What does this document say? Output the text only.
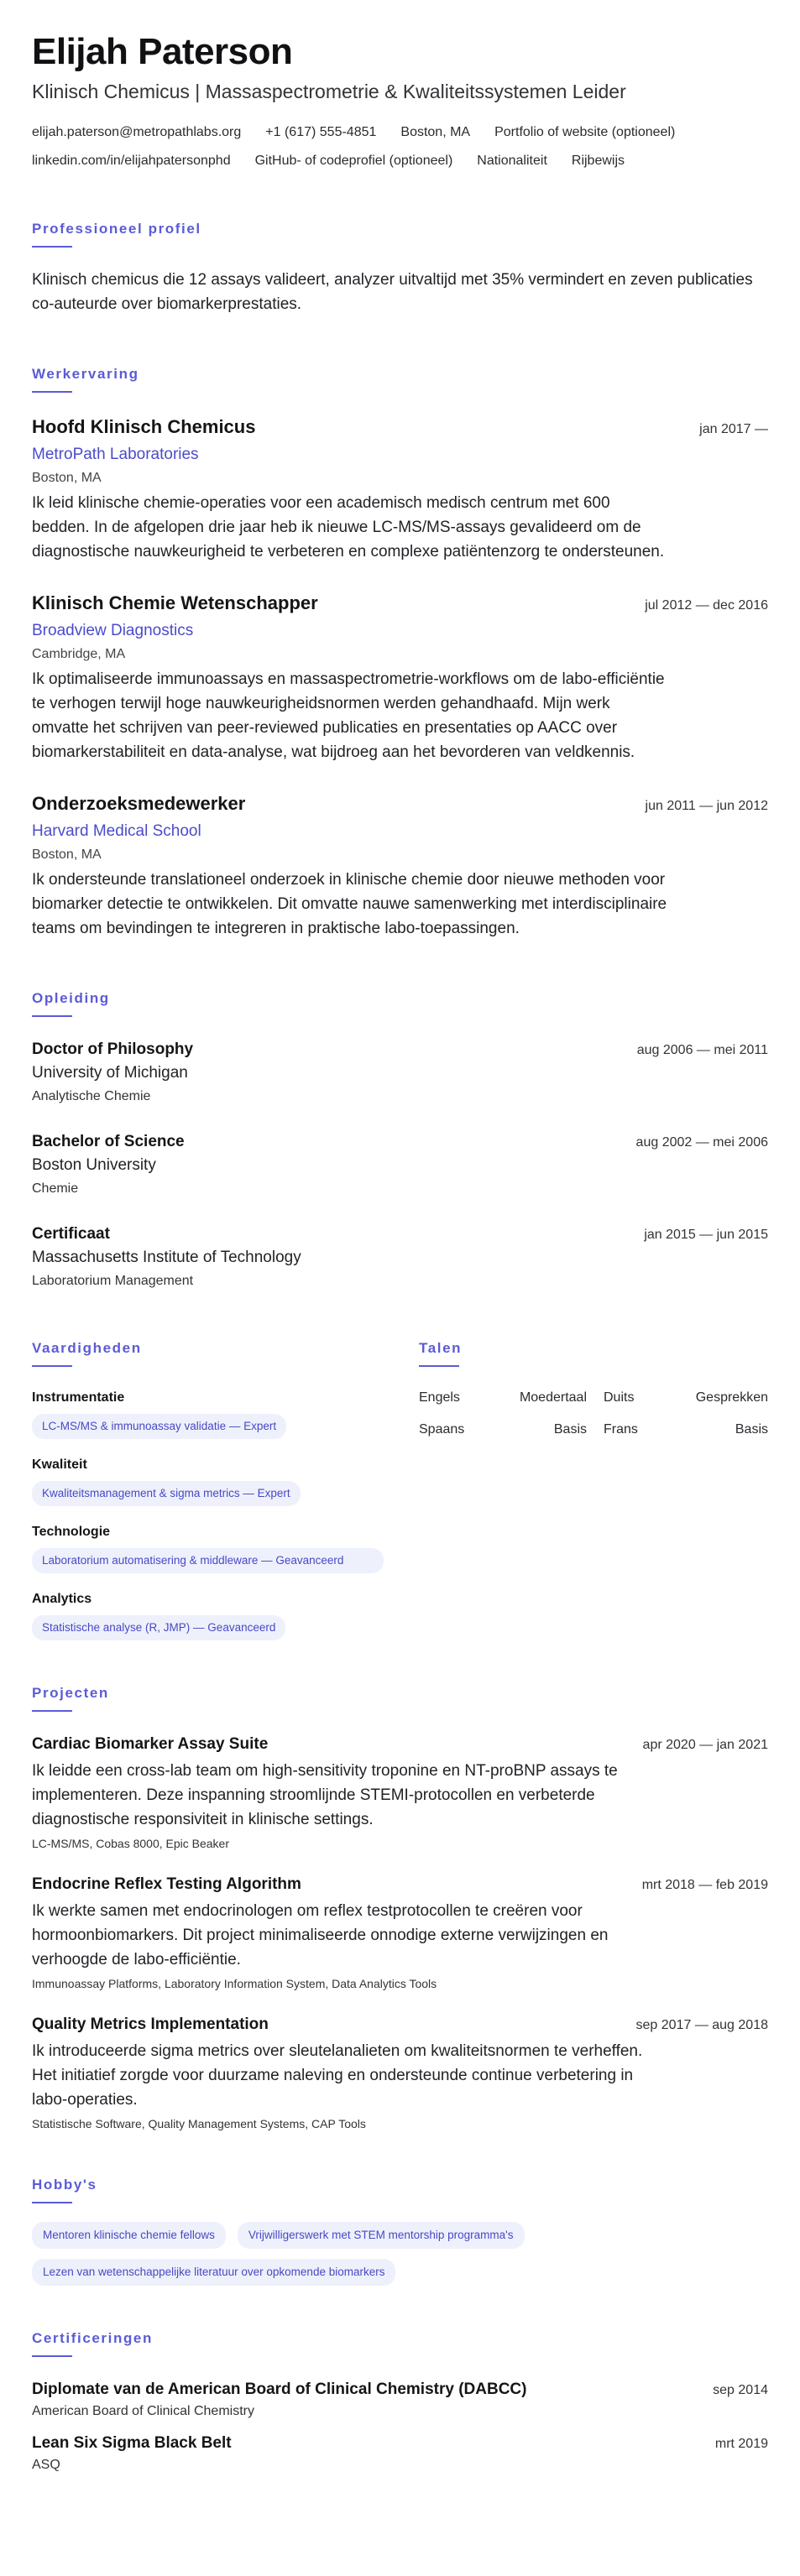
Elijah Paterson
Klinisch Chemicus | Massaspectrometrie & Kwaliteitssystemen Leider
elijah.paterson@metropathlabs.org +1 (617) 555-4851 Boston, MA Portfolio of website (optioneel)
linkedin.com/in/elijahpatersonphd GitHub- of codeprofiel (optioneel) Nationaliteit Rijbewijs
Professioneel profiel

Klinisch chemicus die 12 assays valideert, analyzer uitvaltijd met 35% vermindert en zeven publicaties co-auteurde over biomarkerprestaties.

Werkervaring
Hoofd Klinisch Chemicus	jan 2017 —
MetroPath Laboratories
Boston, MA

Ik leid klinische chemie-operaties voor een academisch medisch centrum met 600 bedden. In de afgelopen drie jaar heb ik nieuwe LC-MS/MS-assays gevalideerd om de diagnostische nauwkeurigheid te verbeteren en complexe patiëntenzorg te ondersteunen.

Klinisch Chemie Wetenschapper	jul 2012 — dec 2016
Broadview Diagnostics
Cambridge, MA

Ik optimaliseerde immunoassays en massaspectrometrie-workflows om de labo-efficiëntie te verhogen terwijl hoge nauwkeurigheidsnormen werden gehandhaafd. Mijn werk omvatte het schrijven van peer-reviewed publicaties en presentaties op AACC over biomarkerstabiliteit en data-analyse, wat bijdroeg aan het bevorderen van veldkennis.

Onderzoeksmedewerker	jun 2011 — jun 2012
Harvard Medical School
Boston, MA

Ik ondersteunde translationeel onderzoek in klinische chemie door nieuwe methoden voor biomarker detectie te ontwikkelen. Dit omvatte nauwe samenwerking met interdisciplinaire teams om bevindingen te integreren in praktische labo-toepassingen.

Opleiding
Doctor of Philosophy	aug 2006 — mei 2011
University of Michigan
Analytische Chemie
Bachelor of Science	aug 2002 — mei 2006
Boston University
Chemie
Certificaat	jan 2015 — jun 2015
Massachusetts Institute of Technology
Laboratorium Management
Vaardigheden
Instrumentatie
LC-MS/MS & immunoassay validatie — Expert
Kwaliteit
Kwaliteitsmanagement & sigma metrics — Expert
Technologie
Laboratorium automatisering & middleware — Geavanceerd
Analytics
Statistische analyse (R, JMP) — Geavanceerd
Talen
Engels	Moedertaal Duits	Gesprekken
Spaans	Basis Frans	Basis
Projecten
Cardiac Biomarker Assay Suite	apr 2020 — jan 2021

Ik leidde een cross-lab team om high-sensitivity troponine en NT-proBNP assays te implementeren. Deze inspanning stroomlijnde STEMI-protocollen en verbeterde diagnostische responsiviteit in klinische settings.

LC-MS/MS, Cobas 8000, Epic Beaker
Endocrine Reflex Testing Algorithm	mrt 2018 — feb 2019

Ik werkte samen met endocrinologen om reflex testprotocollen te creëren voor hormoonbiomarkers. Dit project minimaliseerde onnodige externe verwijzingen en verhoogde de labo-efficiëntie.

Immunoassay Platforms, Laboratory Information System, Data Analytics Tools
Quality Metrics Implementation	sep 2017 — aug 2018

Ik introduceerde sigma metrics over sleutelanalieten om kwaliteitsnormen te verheffen. Het initiatief zorgde voor duurzame naleving en ondersteunde continue verbetering in labo-operaties.

Statistische Software, Quality Management Systems, CAP Tools
Hobby's
Mentoren klinische chemie fellows	Vrijwilligerswerk met STEM mentorship programma's
Lezen van wetenschappelijke literatuur over opkomende biomarkers
Certificeringen
Diplomate van de American Board of Clinical Chemistry (DABCC)	sep 2014
American Board of Clinical Chemistry
Lean Six Sigma Black Belt	mrt 2019
ASQ
